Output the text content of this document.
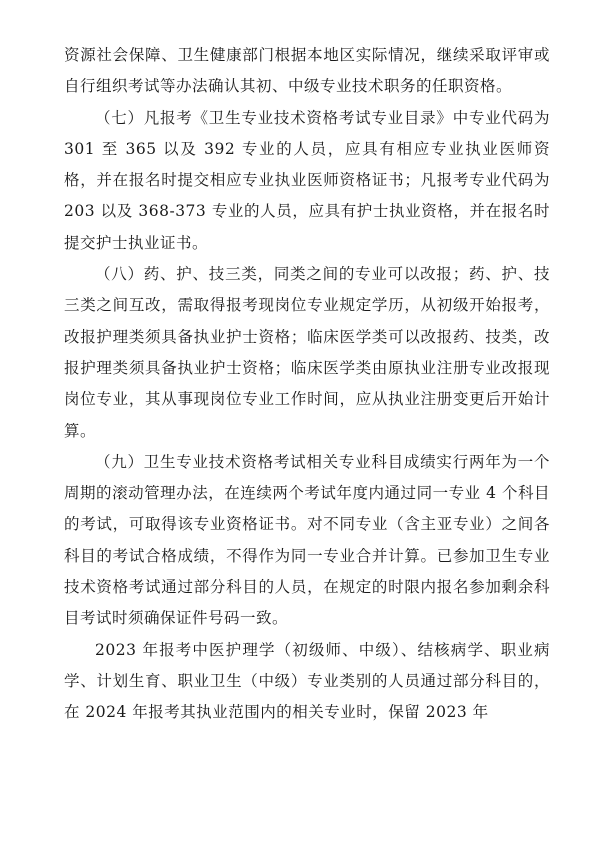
资源社会保障、卫生健康部门根据本地区实际情况，继续采取评审或自行组织考试等办法确认其初、中级专业技术职务的任职资格。

（七）凡报考《卫生专业技术资格考试专业目录》中专业代码为 301 至 365 以及 392 专业的人员，应具有相应专业执业医师资格，并在报名时提交相应专业执业医师资格证书；凡报考专业代码为 203 以及 368-373 专业的人员，应具有护士执业资格，并在报名时提交护士执业证书。

（八）药、护、技三类，同类之间的专业可以改报；药、护、技三类之间互改，需取得报考现岗位专业规定学历，从初级开始报考，改报护理类须具备执业护士资格；临床医学类可以改报药、技类，改报护理类须具备执业护士资格；临床医学类由原执业注册专业改报现岗位专业，其从事现岗位专业工作时间，应从执业注册变更后开始计算。

（九）卫生专业技术资格考试相关专业科目成绩实行两年为一个周期的滚动管理办法，在连续两个考试年度内通过同一专业 4 个科目的考试，可取得该专业资格证书。对不同专业（含主亚专业）之间各科目的考试合格成绩，不得作为同一专业合并计算。已参加卫生专业技术资格考试通过部分科目的人员，在规定的时限内报名参加剩余科目考试时须确保证件号码一致。

2023 年报考中医护理学（初级师、中级）、结核病学、职业病学、计划生育、职业卫生（中级）专业类别的人员通过部分科目的，在 2024 年报考其执业范围内的相关专业时，保留 2023 年
